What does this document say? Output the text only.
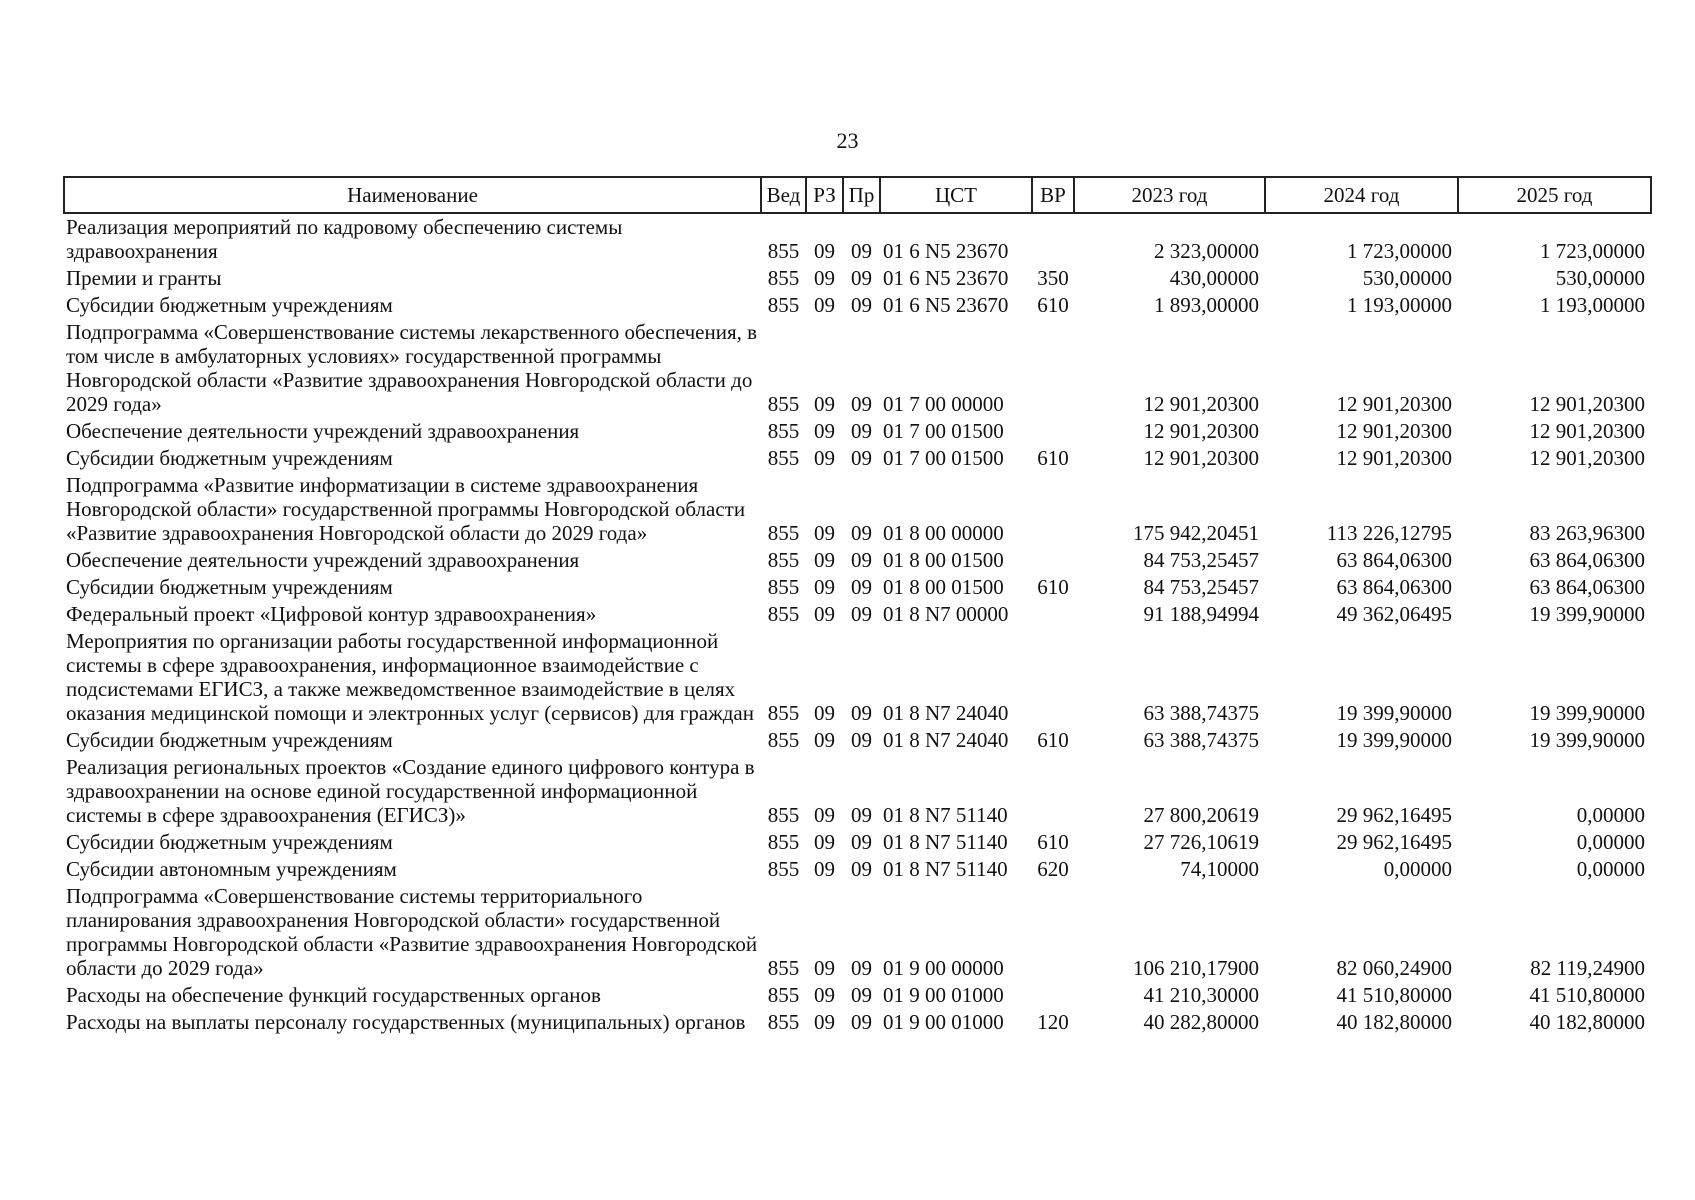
23
Наименование	Вед	РЗ	Пр	ЦСТ	ВР	2023 год	2024 год	2025 год
Реализация мероприятий по кадровому обеспечению системы здравоохранения	855	09	09	01 6 N5 23670		2 323,00000	1 723,00000	1 723,00000
Премии и гранты	855	09	09	01 6 N5 23670	350	430,00000	530,00000	530,00000
Субсидии бюджетным учреждениям	855	09	09	01 6 N5 23670	610	1 893,00000	1 193,00000	1 193,00000
Подпрограмма «Совершенствование системы лекарственного обеспечения, в том числе в амбулаторных условиях» государственной программы Новгородской области «Развитие здравоохранения Новгородской области до 2029 года»	855	09	09	01 7 00 00000		12 901,20300	12 901,20300	12 901,20300
Обеспечение деятельности учреждений здравоохранения	855	09	09	01 7 00 01500		12 901,20300	12 901,20300	12 901,20300
Субсидии бюджетным учреждениям	855	09	09	01 7 00 01500	610	12 901,20300	12 901,20300	12 901,20300
Подпрограмма «Развитие информатизации в системе здравоохранения Новгородской области» государственной программы Новгородской области «Развитие здравоохранения Новгородской области до 2029 года»	855	09	09	01 8 00 00000		175 942,20451	113 226,12795	83 263,96300
Обеспечение деятельности учреждений здравоохранения	855	09	09	01 8 00 01500		84 753,25457	63 864,06300	63 864,06300
Субсидии бюджетным учреждениям	855	09	09	01 8 00 01500	610	84 753,25457	63 864,06300	63 864,06300
Федеральный проект «Цифровой контур здравоохранения»	855	09	09	01 8 N7 00000		91 188,94994	49 362,06495	19 399,90000
Мероприятия по организации работы государственной информационной системы в сфере здравоохранения, информационное взаимодействие с подсистемами ЕГИСЗ, а также межведомственное взаимодействие в целях оказания медицинской помощи и электронных услуг (сервисов) для граждан	855	09	09	01 8 N7 24040		63 388,74375	19 399,90000	19 399,90000
Субсидии бюджетным учреждениям	855	09	09	01 8 N7 24040	610	63 388,74375	19 399,90000	19 399,90000
Реализация региональных проектов «Создание единого цифрового контура в здравоохранении на основе единой государственной информационной системы в сфере здравоохранения (ЕГИСЗ)»	855	09	09	01 8 N7 51140		27 800,20619	29 962,16495	0,00000
Субсидии бюджетным учреждениям	855	09	09	01 8 N7 51140	610	27 726,10619	29 962,16495	0,00000
Субсидии автономным учреждениям	855	09	09	01 8 N7 51140	620	74,10000	0,00000	0,00000
Подпрограмма «Совершенствование системы территориального планирования здравоохранения Новгородской области» государственной программы Новгородской области «Развитие здравоохранения Новгородской области до 2029 года»	855	09	09	01 9 00 00000		106 210,17900	82 060,24900	82 119,24900
Расходы на обеспечение функций государственных органов	855	09	09	01 9 00 01000		41 210,30000	41 510,80000	41 510,80000
Расходы на выплаты персоналу государственных (муниципальных) органов	855	09	09	01 9 00 01000	120	40 282,80000	40 182,80000	40 182,80000
